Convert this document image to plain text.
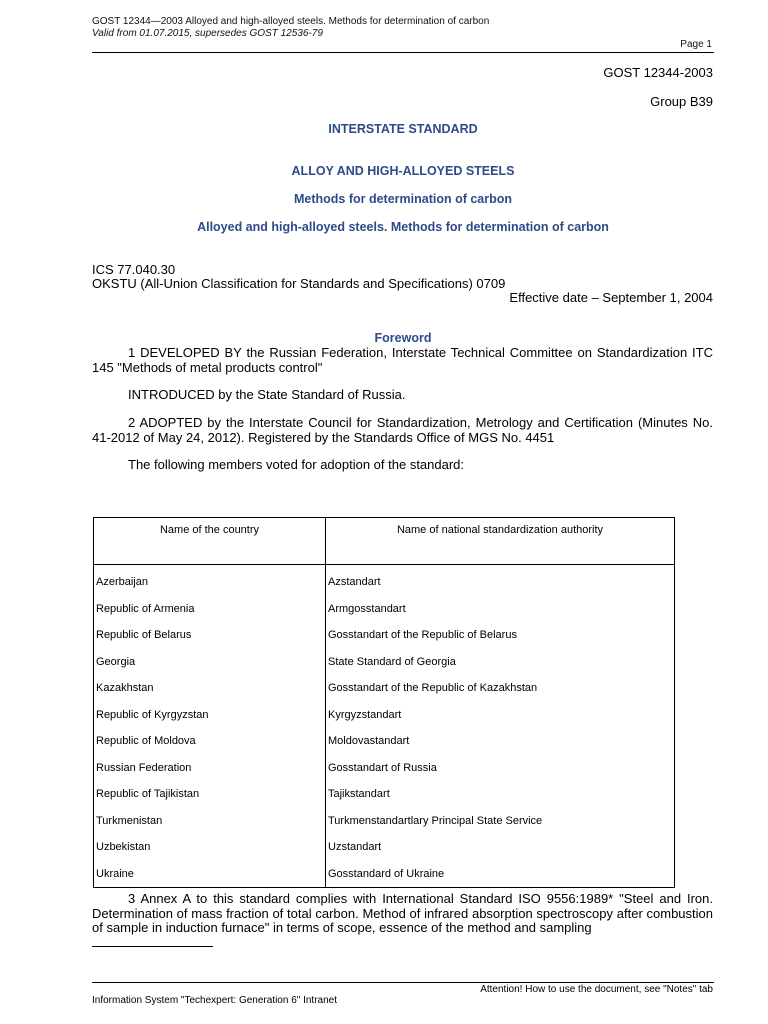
GOST 12344—2003 Alloyed and high-alloyed steels. Methods for determination of carbon
Valid from 01.07.2015, supersedes GOST 12536-79
Page 1
GOST 12344-2003
Group B39
INTERSTATE STANDARD
ALLOY AND HIGH-ALLOYED STEELS
Methods for determination of carbon
Alloyed and high-alloyed steels. Methods for determination of carbon
ICS 77.040.30
OKSTU (All-Union Classification for Standards and Specifications) 0709
Effective date – September 1, 2004
Foreword
1 DEVELOPED BY the Russian Federation, Interstate Technical Committee on Standardization ITC 145 "Methods of metal products control"
INTRODUCED by the State Standard of Russia.
2 ADOPTED by the Interstate Council for Standardization, Metrology and Certification (Minutes No. 41-2012 of May 24, 2012). Registered by the Standards Office of MGS No. 4451
The following members voted for adoption of the standard:
Name of the country	Name of national standardization authority
Azerbaijan	Azstandart
Republic of Armenia	Armgosstandart
Republic of Belarus	Gosstandart of the Republic of Belarus
Georgia	State Standard of Georgia
Kazakhstan	Gosstandart of the Republic of Kazakhstan
Republic of Kyrgyzstan	Kyrgyzstandart
Republic of Moldova	Moldovastandart
Russian Federation	Gosstandart of Russia
Republic of Tajikistan	Tajikstandart
Turkmenistan	Turkmenstandartlary Principal State Service
Uzbekistan	Uzstandart
Ukraine	Gosstandard of Ukraine
3 Annex A to this standard complies with International Standard ISO 9556:1989* "Steel and Iron. Determination of mass fraction of total carbon. Method of infrared absorption spectroscopy after combustion of sample in induction furnace" in terms of scope, essence of the method and sampling
Attention! How to use the document, see "Notes" tab
Information System "Techexpert: Generation 6" Intranet
